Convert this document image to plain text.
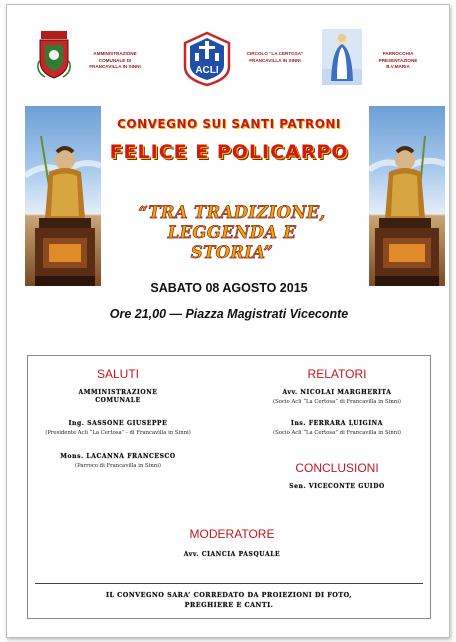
AMMINISTRAZIONE
COMUNALE DI
FRANCAVILLA IN SINNI	ACLI
CIRCOLO “LA CERTOSA”
FRANCAVILLA IN SINNI
PARROCCHIA
PRESENTAZIONE B.V.MARIA
CONVEGNO SUI SANTI PATRONI
FELICE E POLICARPO
“TRA TRADIZIONE,
LEGGENDA E
STORIA”
SABATO 08 AGOSTO 2015
Ore 21,00 — Piazza Magistrati Viceconte
SALUTI
AMMINISTRAZIONE
COMUNALE
Ing. SASSONE GIUSEPPE
(Presidente Acli “La Certosa” - di Francavilla in Sinni)
Mons. LACANNA FRANCESCO
(Parroco di Francavilla in Sinni)
RELATORI
Avv. NICOLAI MARGHERITA
(Socio Acli “La Certosa” di Francavilla in Sinni)
Ins. FERRARA LUIGINA
(Socio Acli “La Certosa” di Francavilla in Sinni)
CONCLUSIONI
Sen. VICECONTE GUIDO
MODERATORE
Avv. CIANCIA PASQUALE
IL CONVEGNO SARA’ CORREDATO DA PROIEZIONI DI FOTO,
PREGHIERE E CANTI.
